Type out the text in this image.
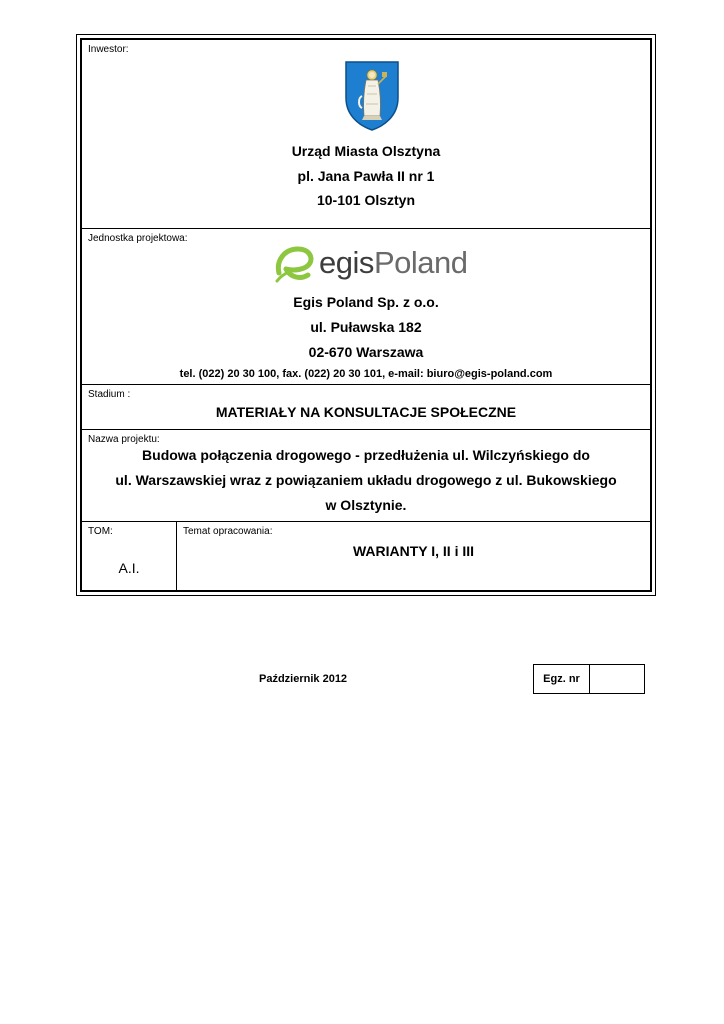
Inwestor:
Urząd Miasta Olsztyna
pl. Jana Pawła II nr 1
10-101 Olsztyn
Jednostka projektowa:
egis Poland
Egis Poland Sp. z o.o.
ul. Puławska 182
02-670 Warszawa
tel. (022) 20 30 100, fax. (022) 20 30 101, e-mail: biuro@egis-poland.com
Stadium :
MATERIAŁY NA KONSULTACJE SPOŁECZNE
Nazwa projektu:
Budowa połączenia drogowego - przedłużenia ul. Wilczyńskiego do
ul. Warszawskiej wraz z powiązaniem układu drogowego z ul. Bukowskiego
w Olsztynie.
TOM:
A.I.
Temat opracowania:
WARIANTY I, II i III
Październik 2012	Egz. nr
